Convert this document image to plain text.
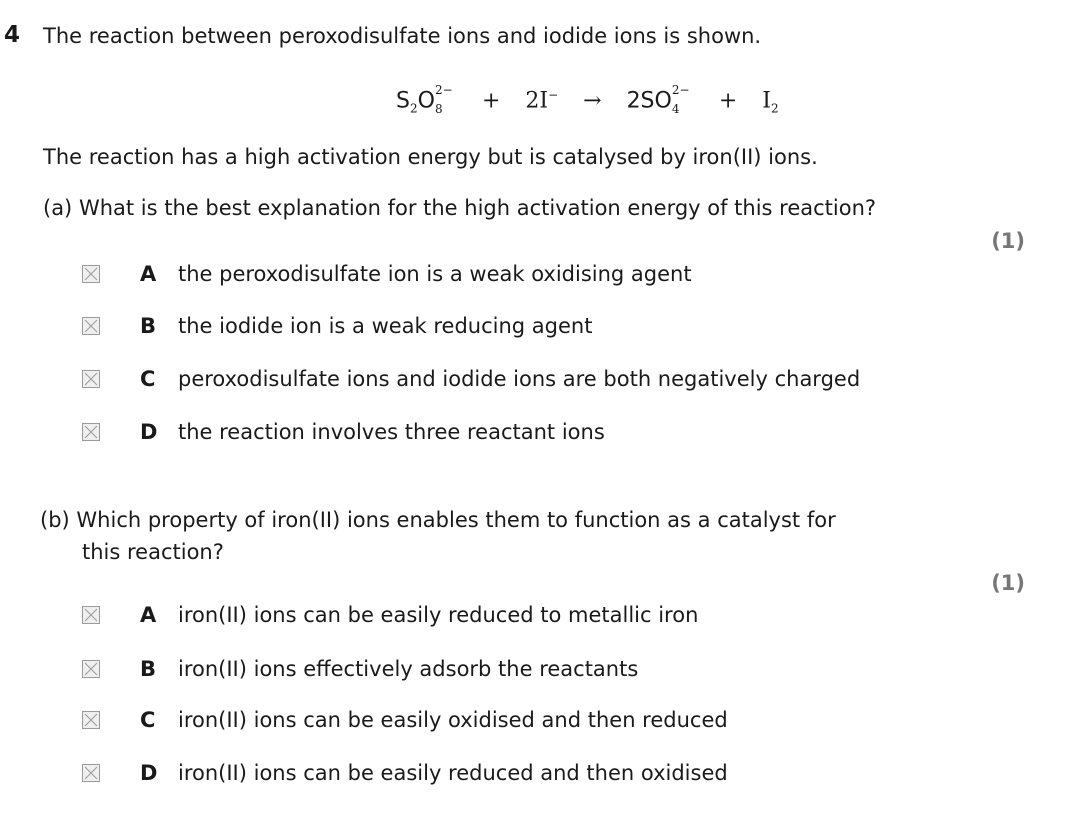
4 The reaction between peroxodisulfate ions and iodide ions is shown.
$S_2O$ 2−
8 + 2I− → 2SO 2−
$4 + I_2$
The reaction has a high activation energy but is catalysed by iron(II) ions.
(a) What is the best explanation for the high activation energy of this reaction?
(1)
A	the peroxodisulfate ion is a weak oxidising agent
B	the iodide ion is a weak reducing agent
C	peroxodisulfate ions and iodide ions are both negatively charged
D the reaction involves three reactant ions
(b) Which property of iron(II) ions enables them to function as a catalyst for
this reaction?
(1)
A	iron(II) ions can be easily reduced to metallic iron
B	iron(II) ions effectively adsorb the reactants
C	iron(II) ions can be easily oxidised and then reduced
D iron(II) ions can be easily reduced and then oxidised
